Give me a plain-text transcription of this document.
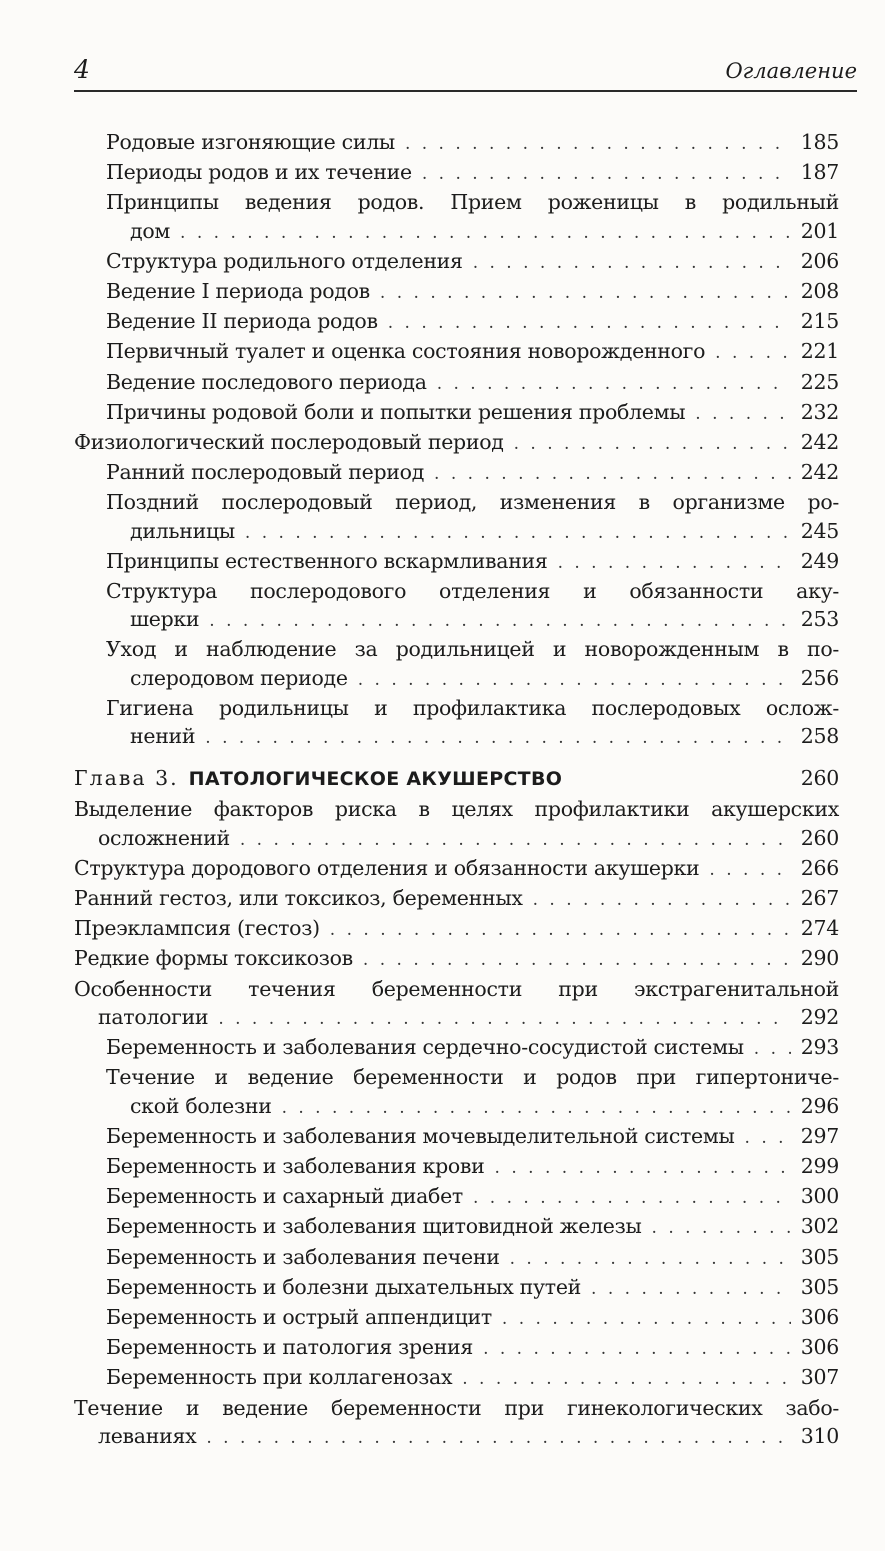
4	Оглавление
Родовые изгоняющие силы . . .	185
Периоды родов и их течение . . .	187
Принципы ведения родов. Прием роженицы в родильный
дом . . .	201
Структура родильного отделения . . .	206
Ведение I периода родов . . .	208
Ведение II периода родов . . .	215
Первичный туалет и оценка состояния новорожденного . . .	221
Ведение последового периода . . .	225
Причины родовой боли и попытки решения проблемы . . .	232
Физиологический послеродовый период . . .	242
Ранний послеродовый период . . .	242
Поздний послеродовый период, изменения в организме ро-
дильницы . . .	245
Принципы естественного вскармливания . . .	249
Структура послеродового отделения и обязанности аку-
шерки . . .	253
Уход и наблюдение за родильницей и новорожденным в по-
слеродовом периоде . . .	256
Гигиена родильницы и профилактика послеродовых ослож-
нений . . .	258
Глава 3. ПАТОЛОГИЧЕСКОЕ АКУШЕРСТВО	260
Выделение факторов риска в целях профилактики акушерских
осложнений . . .	260
Структура дородового отделения и обязанности акушерки . . .	266
Ранний гестоз, или токсикоз, беременных . . .	267
Преэклампсия (гестоз) . . .	274
Редкие формы токсикозов . . .	290
Особенности течения беременности при экстрагенитальной
патологии . . .	292
Беременность и заболевания сердечно-сосудистой системы . . .	293
Течение и ведение беременности и родов при гипертониче-
ской болезни . . .	296
Беременность и заболевания мочевыделительной системы . . .	297
Беременность и заболевания крови . . .	299
Беременность и сахарный диабет . . .	300
Беременность и заболевания щитовидной железы . . .	302
Беременность и заболевания печени . . .	305
Беременность и болезни дыхательных путей . . .	305
Беременность и острый аппендицит . . .	306
Беременность и патология зрения . . .	306
Беременность при коллагенозах . . .	307
Течение и ведение беременности при гинекологических забо-
леваниях . . .	310
